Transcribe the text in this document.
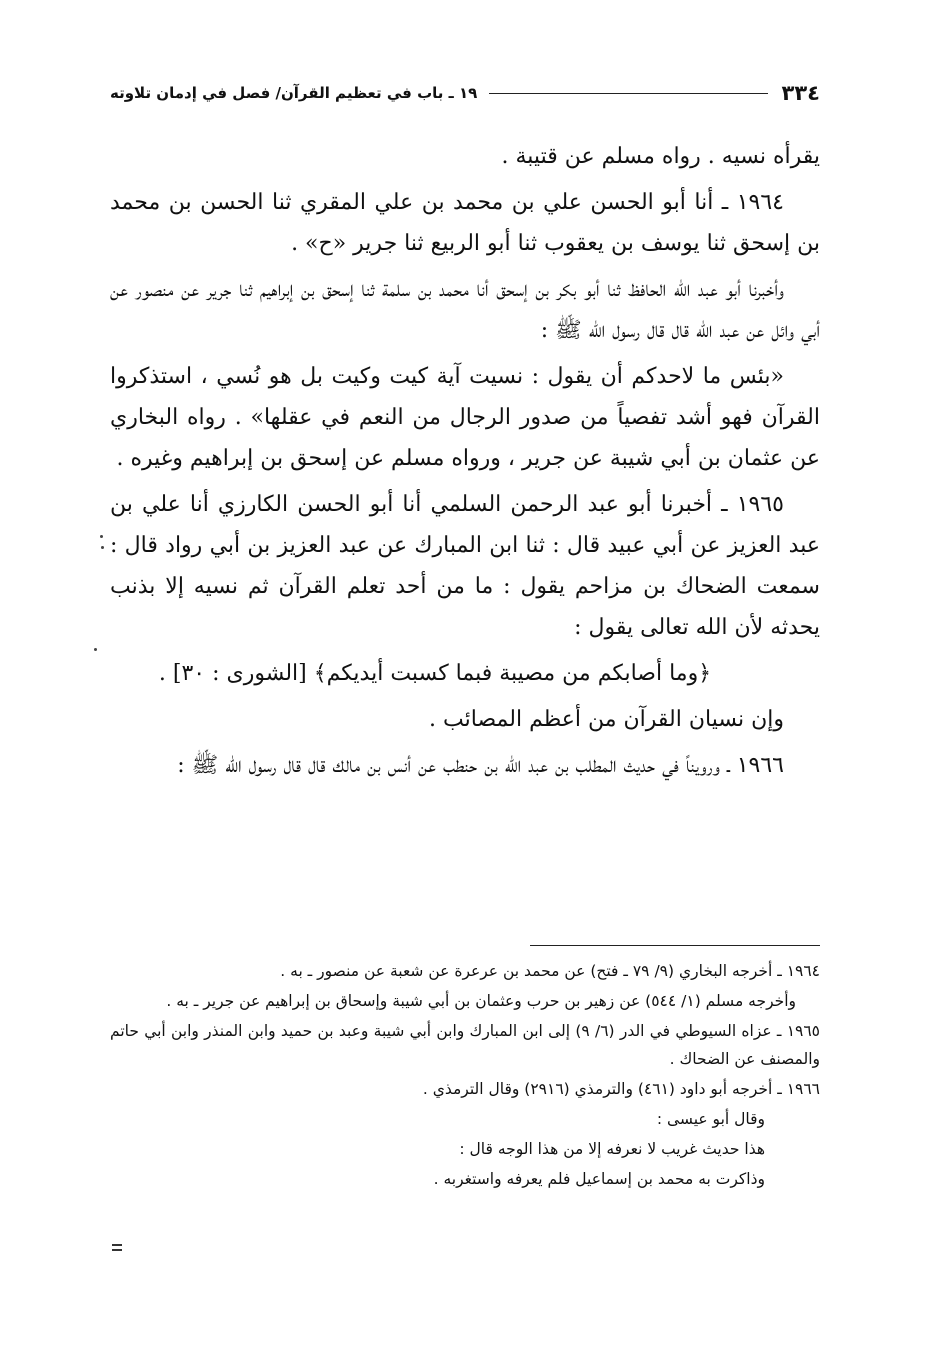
٣٣٤
١٩ ـ باب في تعظيم القرآن/ فصل في إدمان تلاوته

يقرأه نسيه . رواه مسلم عن قتيبة .

١٩٦٤ ـ أنا أبو الحسن علي بن محمد بن علي المقري ثنا الحسن بن محمد بن إسحق ثنا يوسف بن يعقوب ثنا أبو الربيع ثنا جرير «ح» .

وأخبرنا أبو عبد الله الحافظ ثنا أبو بكر بن إسحق أنا محمد بن سلمة ثنا إسحق بن إبراهيم ثنا جرير عن منصور عن أبي وائل عن عبد الله قال قال رسول الله ﷺ :

«بئس ما لاحدكم أن يقول : نسيت آية كيت وكيت بل هو نُسي ، استذكروا القرآن فهو أشد تفصياً من صدور الرجال من النعم في عقلها» . رواه البخاري عن عثمان بن أبي شيبة عن جرير ، ورواه مسلم عن إسحق بن إبراهيم وغيره .

١٩٦٥ ـ أخبرنا أبو عبد الرحمن السلمي أنا أبو الحسن الكارزي أنا علي بن عبد العزيز عن أبي عبيد قال : ثنا ابن المبارك عن عبد العزيز بن أبي رواد قال : سمعت الضحاك بن مزاحم يقول : ما من أحد تعلم القرآن ثم نسيه إلا بذنب يحدثه لأن الله تعالى يقول :

﴿وما أصابكم من مصيبة فبما كسبت أيديكم﴾ [الشورى : ٣٠] .

وإن نسيان القرآن من أعظم المصائب .

١٩٦٦ ـ ورويناً في حديث المطلب بن عبد الله بن حنطب عن أنس بن مالك قال قال رسول الله ﷺ :

١٩٦٤ ـ أخرجه البخاري (٩/ ٧٩ ـ فتح) عن محمد بن عرعرة عن شعبة عن منصور ـ به .

وأخرجه مسلم (١/ ٥٤٤) عن زهير بن حرب وعثمان بن أبي شيبة وإسحاق بن إبراهيم عن جرير ـ به .

١٩٦٥ ـ عزاه السيوطي في الدر (٦/ ٩) إلى ابن المبارك وابن أبي شيبة وعبد بن حميد وابن المنذر وابن أبي حاتم والمصنف عن الضحاك .

١٩٦٦ ـ أخرجه أبو داود (٤٦١) والترمذي (٢٩١٦) وقال الترمذي .

وقال أبو عيسى :

هذا حديث غريب لا نعرفه إلا من هذا الوجه قال :

وذاكرت به محمد بن إسماعيل فلم يعرفه واستغربه .
